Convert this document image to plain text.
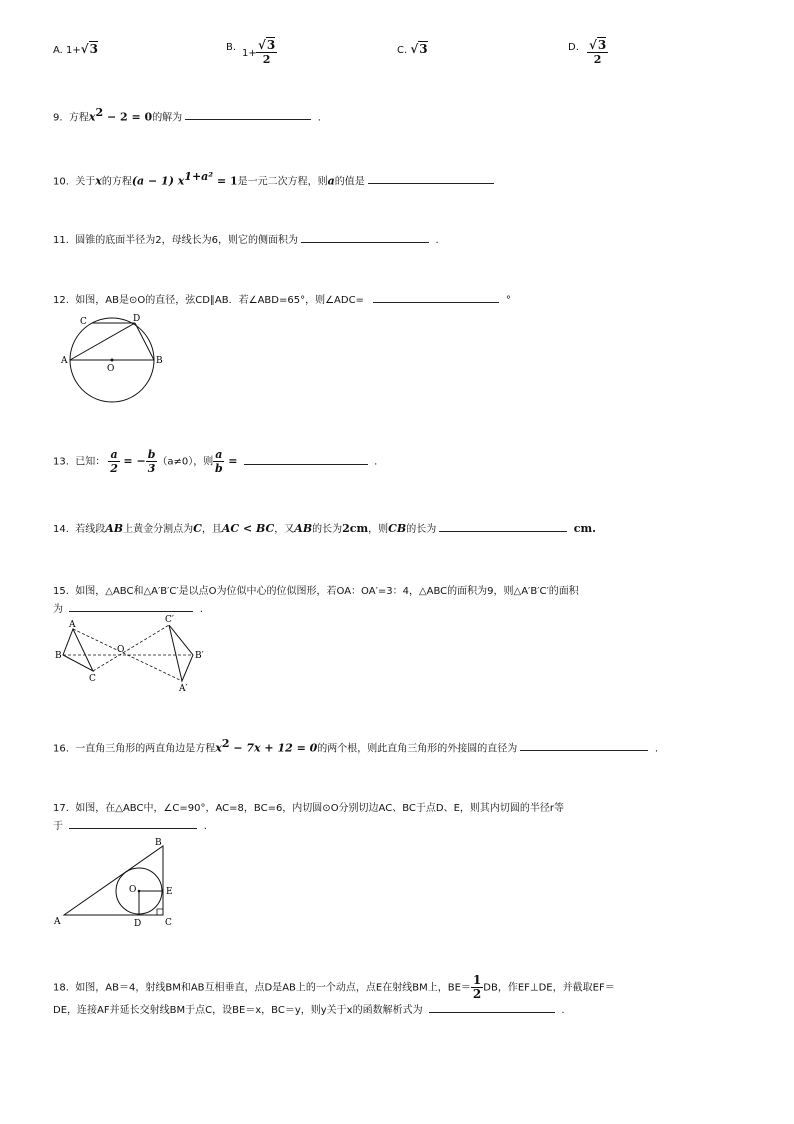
A. 1+√3	B.
$1+ \frac{√3}{2}$	C. √3	D. $\frac{√3}{2}$
9. 方程$x^2 - 2 = 0$的解为	.
10. 关于x的方程(a − 1) $x^{1+a^2} = 1$是一元二次方程，则a的值是
11. 圆锥的底面半径为2，母线长为6，则它的侧面积为	.
12. 如图，AB是⊙O的直径，弦CD∥AB．若∠ABD=65°，则∠ADC=	°
C	D
A	B
O
13. 已知： $\frac{a}{2}$ = − $\frac{b}{3} (a\ne 0)$，则 $\frac{a}{b}$ =	.
14. 若线段AB上黄金分割点为C，且AC < BC，又AB的长为2cm，则CB的长为	cm.
15. 如图，△ABC和△A′B′C′是以点O为位似中心的位似图形，若OA：OA′=3：4，△ABC的面积为9，则△A′B′C′的面积
为	.
A
B
C
O
C′
B′
A′
16. 一直角三角形的两直角边是方程$x^2 - 7x + 12 = 0$的两个根，则此直角三角形的外接圆的直径为	.
17. 如图，在△ABC中，∠C=90°，AC=8，BC=6，内切圆⊙O分别切边AC、BC于点D、E，则其内切圆的半径r等
于	.
A
B
C
D
E
O
18. 如图，AB＝4，射线BM和AB互相垂直，点D是AB上的一个动点，点E在射线BM上，$BE= \frac{1}{2}$ DB，作EF⊥DE，并截取EF＝
DE，连接AF并延长交射线BM于点C，设BE＝x，BC＝y，则y关于x的函数解析式为	.
